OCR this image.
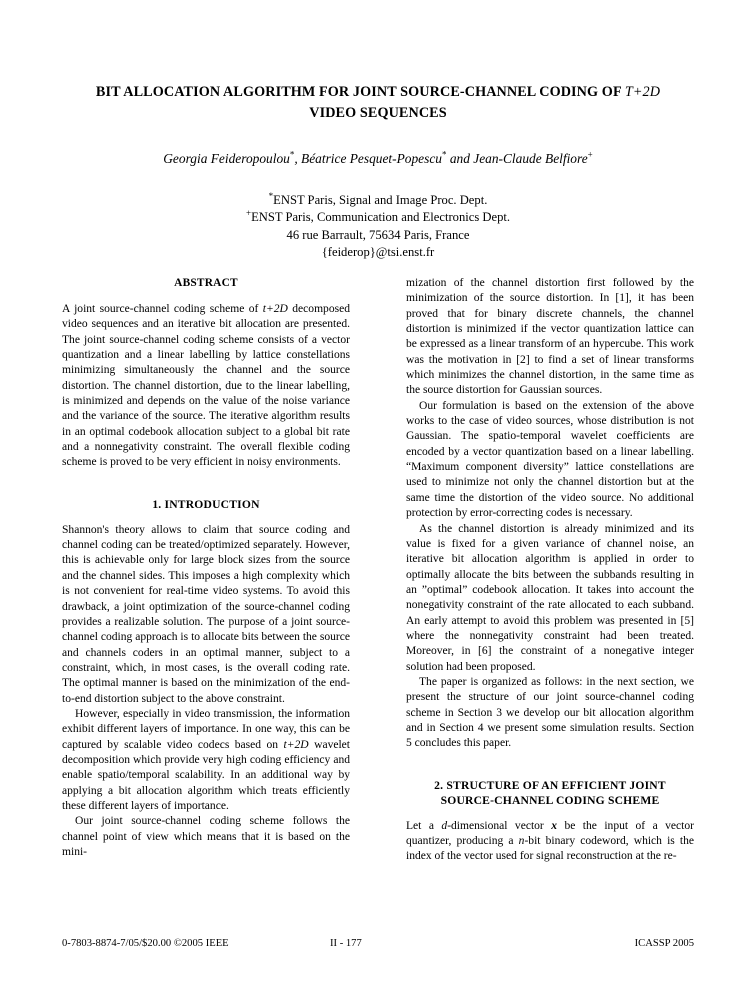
BIT ALLOCATION ALGORITHM FOR JOINT SOURCE-CHANNEL CODING OF T+2D
VIDEO SEQUENCES
Georgia Feideropoulou*, Béatrice Pesquet-Popescu* and Jean-Claude Belfiore+
*ENST Paris, Signal and Image Proc. Dept.
+ENST Paris, Communication and Electronics Dept.
46 rue Barrault, 75634 Paris, France
{feiderop}@tsi.enst.fr
ABSTRACT

A joint source-channel coding scheme of t+2D decomposed video sequences and an iterative bit allocation are presented. The joint source-channel coding scheme consists of a vector quantization and a linear labelling by lattice constellations minimizing simultaneously the channel and the source distortion. The channel distortion, due to the linear labelling, is minimized and depends on the value of the noise variance and the variance of the source. The iterative algorithm results in an optimal codebook allocation subject to a global bit rate and a nonnegativity constraint. The overall flexible coding scheme is proved to be very efficient in noisy environments.

1. INTRODUCTION

Shannon's theory allows to claim that source coding and channel coding can be treated/optimized separately. However, this is achievable only for large block sizes from the source and the channel sides. This imposes a high complexity which is not convenient for real-time video systems. To avoid this drawback, a joint optimization of the source-channel coding provides a realizable solution. The purpose of a joint source-channel coding approach is to allocate bits between the source and channels coders in an optimal manner, subject to a constraint, which, in most cases, is the overall coding rate. The optimal manner is based on the minimization of the end-to-end distortion subject to the above constraint.

However, especially in video transmission, the information exhibit different layers of importance. In one way, this can be captured by scalable video codecs based on t+2D wavelet decomposition which provide very high coding efficiency and enable spatio/temporal scalability. In an additional way by applying a bit allocation algorithm which treats efficiently these different layers of importance.

Our joint source-channel coding scheme follows the channel point of view which means that it is based on the mini-

mization of the channel distortion first followed by the minimization of the source distortion. In [1], it has been proved that for binary discrete channels, the channel distortion is minimized if the vector quantization lattice can be expressed as a linear transform of an hypercube. This work was the motivation in [2] to find a set of linear transforms which minimizes the channel distortion, in the same time as the source distortion for Gaussian sources.

Our formulation is based on the extension of the above works to the case of video sources, whose distribution is not Gaussian. The spatio-temporal wavelet coefficients are encoded by a vector quantization based on a linear labelling. “Maximum component diversity” lattice constellations are used to minimize not only the channel distortion but at the same time the distortion of the video source. No additional protection by error-correcting codes is necessary.

As the channel distortion is already minimized and its value is fixed for a given variance of channel noise, an iterative bit allocation algorithm is applied in order to optimally allocate the bits between the subbands resulting in an ”optimal” codebook allocation. It takes into account the nonegativity constraint of the rate allocated to each subband. An early attempt to avoid this problem was presented in [5] where the nonnegativity constraint had been treated. Moreover, in [6] the constraint of a nonegative integer solution had been proposed.

The paper is organized as follows: in the next section, we present the structure of our joint source-channel coding scheme in Section 3 we develop our bit allocation algorithm and in Section 4 we present some simulation results. Section 5 concludes this paper.

2. STRUCTURE OF AN EFFICIENT JOINT
SOURCE-CHANNEL CODING SCHEME

Let a d-dimensional vector x be the input of a vector quantizer, producing a n-bit binary codeword, which is the index of the vector used for signal reconstruction at the re-

0-7803-8874-7/05/$20.00 ©2005 IEEE	II - 177	ICASSP 2005
